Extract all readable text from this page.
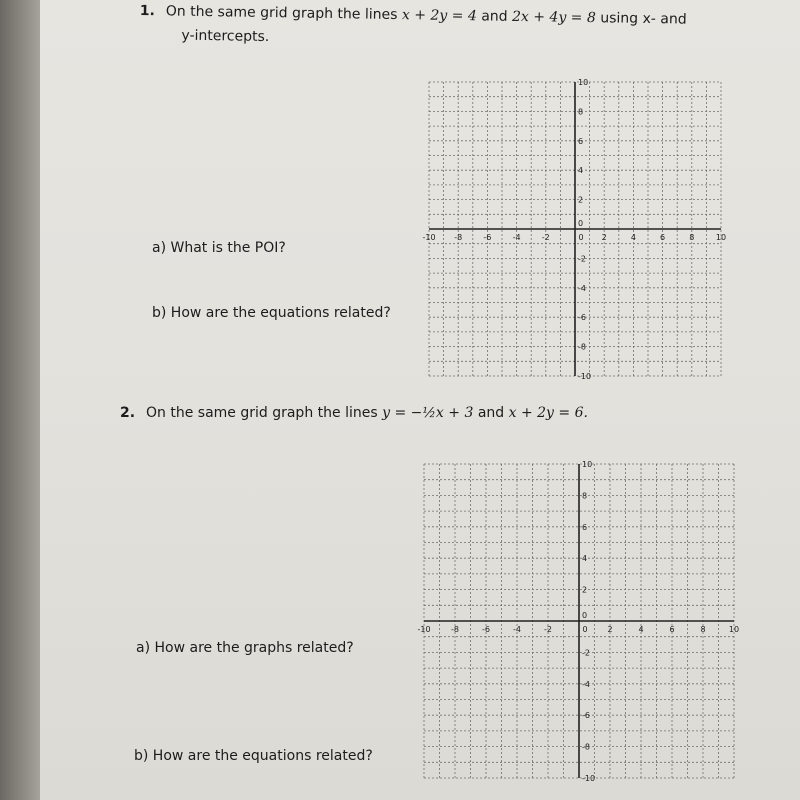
1. On the same grid graph the lines x + 2y = 4 and 2x + 4y = 8 using x- and
y-intercepts.
a) What is the POI?
b) How are the equations related?
-10 -8	-6	-4	-2	0 2	4	6	8	10
10
8
6
4
2
0
-2
-4
-6
-8
-10
2. On the same grid graph the lines y = −½x + 3 and x + 2y = 6.
a) How are the graphs related?
b) How are the equations related?
-10	-8	-6	-4	-2	0 2	4	6	8	10
10
8
6
4
2
0
-2
-4
-6
-8
-10
